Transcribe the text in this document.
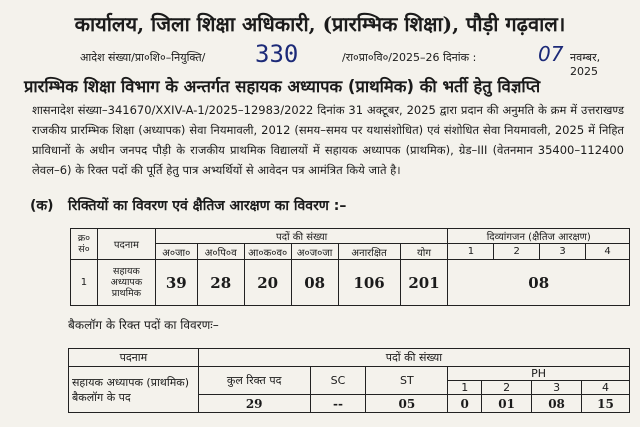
कार्यालय, जिला शिक्षा अधिकारी, (प्रारम्भिक शिक्षा), पौड़ी गढ़वाल।
आदेश संख्या/प्रा०शि०–नियुक्ति/ 330	/रा०प्रा०वि०/2025–26 दिनांक :	07 नवम्बर, 2025
प्रारम्भिक शिक्षा विभाग के अन्तर्गत सहायक अध्यापक (प्राथमिक) की भर्ती हेतु विज्ञप्ति
शासनादेश संख्या–341670/XXIV-A-1/2025–12983/2022 दिनांक 31 अक्टूबर, 2025 द्वारा प्रदान की अनुमति के क्रम में उत्तराखण्ड राजकीय प्रारम्भिक शिक्षा (अध्यापक) सेवा नियमावली, 2012 (समय–समय पर यथासंशोधित) एवं संशोधित सेवा नियमावली, 2025 में निहित प्राविधानों के अधीन जनपद पौड़ी के राजकीय प्राथमिक विद्यालयों में सहायक अध्यापक (प्राथमिक), ग्रेड–III (वेतनमान 35400–112400 लेवल–6) के रिक्त पदों की पूर्ति हेतु पात्र अभ्यर्थियों से आवेदन पत्र आमंत्रित किये जाते है।
(क) रिक्तियों का विवरण एवं क्षैतिज आरक्षण का विवरण :–
क्र० सं०	पदनाम	पदों की संख्या						दिव्यांगजन (क्षैतिज आरक्षण)			
		अ०जा०	अ०पि०व	आ०क०व०	अ०ज०जा	अनारक्षित	योग	1	2	3	4
1	सहायक अध्यापक प्राथमिक	39	28	20	08	106	201	08			
बैकलॉग के रिक्त पदों का विवरणः–
पदनाम	पदों की संख्या						
सहायक अध्यापक (प्राथमिक) बैकलॉग के पद	कुल रिक्त पद	SC	ST	PH			
				1	2	3	4
	29	--	05	0	01	08	15
